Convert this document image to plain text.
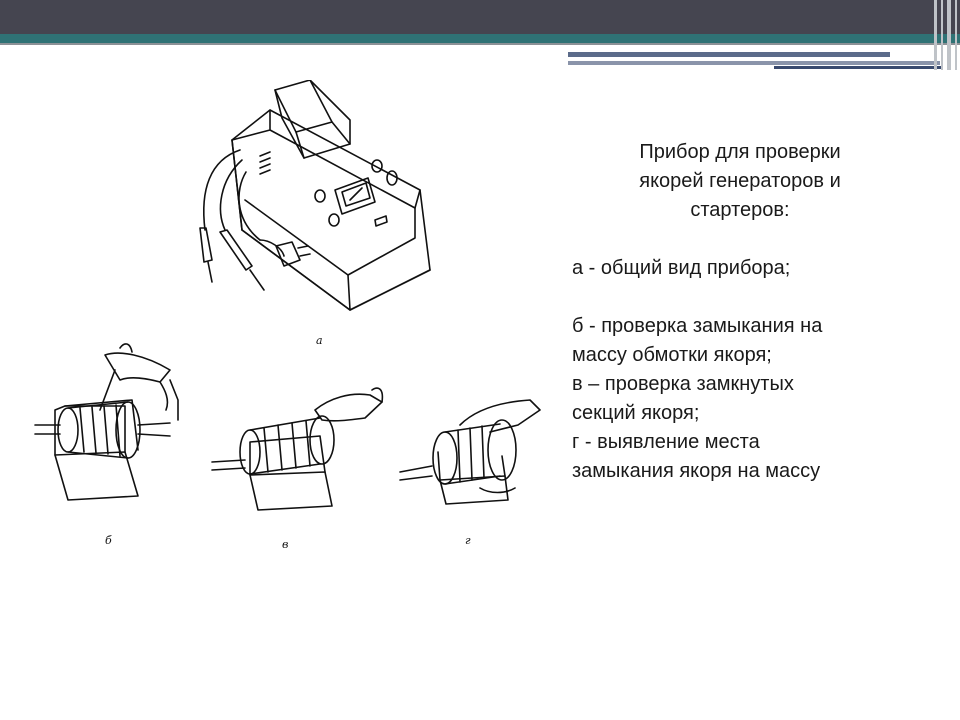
а
б	в	г
Прибор для проверки
якорей генераторов и
стартеров:
а - общий вид прибора;
б - проверка замыкания на
массу обмотки якоря;
в – проверка замкнутых
секций якоря;
г - выявление места
замыкания якоря на массу
